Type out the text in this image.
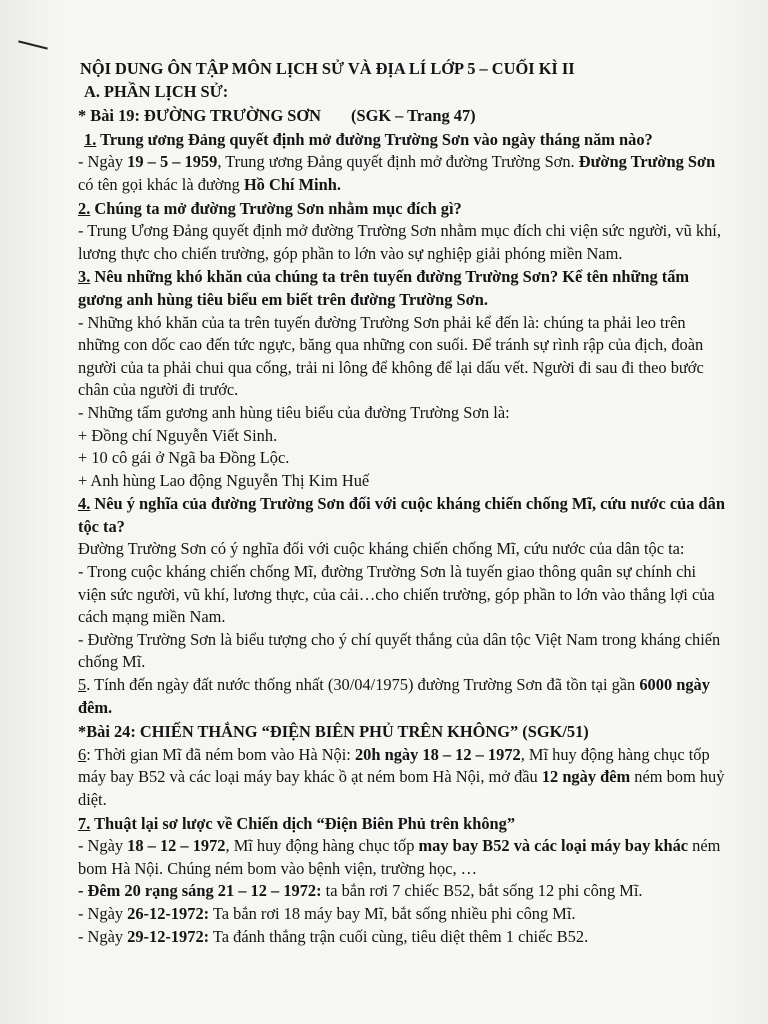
NỘI DUNG ÔN TẬP MÔN LỊCH SỬ VÀ ĐỊA LÍ LỚP 5 – CUỐI KÌ II

A. PHẦN LỊCH SỬ:

* Bài 19: ĐƯỜNG TRƯỜNG SƠN (SGK – Trang 47)

1. Trung ương Đảng quyết định mở đường Trường Sơn vào ngày tháng năm nào?

- Ngày 19 – 5 – 1959, Trung ương Đảng quyết định mở đường Trường Sơn. Đường Trường Sơn có tên gọi khác là đường Hồ Chí Minh.

2. Chúng ta mở đường Trường Sơn nhằm mục đích gì?

- Trung Ương Đảng quyết định mở đường Trường Sơn nhằm mục đích chi viện sức người, vũ khí, lương thực cho chiến trường, góp phần to lớn vào sự nghiệp giải phóng miền Nam.

3. Nêu những khó khăn của chúng ta trên tuyến đường Trường Sơn? Kể tên những tấm gương anh hùng tiêu biểu em biết trên đường Trường Sơn.

- Những khó khăn của ta trên tuyến đường Trường Sơn phải kể đến là: chúng ta phải leo trên những con dốc cao đến tức ngực, băng qua những con suối. Để tránh sự rình rập của địch, đoàn người của ta phải chui qua cống, trải ni lông để không để lại dấu vết. Người đi sau đi theo bước chân của người đi trước.

- Những tấm gương anh hùng tiêu biểu của đường Trường Sơn là:

+ Đồng chí Nguyễn Viết Sinh.

+ 10 cô gái ở Ngã ba Đồng Lộc.

+ Anh hùng Lao động Nguyễn Thị Kim Huế

4. Nêu ý nghĩa của đường Trường Sơn đối với cuộc kháng chiến chống Mĩ, cứu nước của dân tộc ta?

Đường Trường Sơn có ý nghĩa đối với cuộc kháng chiến chống Mĩ, cứu nước của dân tộc ta:

- Trong cuộc kháng chiến chống Mĩ, đường Trường Sơn là tuyến giao thông quân sự chính chi viện sức người, vũ khí, lương thực, của cải…cho chiến trường, góp phần to lớn vào thắng lợi của cách mạng miền Nam.

- Đường Trường Sơn là biểu tượng cho ý chí quyết thắng của dân tộc Việt Nam trong kháng chiến chống Mĩ.

5. Tính đến ngày đất nước thống nhất (30/04/1975) đường Trường Sơn đã tồn tại gần 6000 ngày đêm.

*Bài 24: CHIẾN THẮNG “ĐIỆN BIÊN PHỦ TRÊN KHÔNG” (SGK/51)

6: Thời gian Mĩ đã ném bom vào Hà Nội: 20h ngày 18 – 12 – 1972, Mĩ huy động hàng chục tốp máy bay B52 và các loại máy bay khác ồ ạt ném bom Hà Nội, mở đầu 12 ngày đêm ném bom huỷ diệt.

7. Thuật lại sơ lược về Chiến dịch “Điện Biên Phủ trên không”

- Ngày 18 – 12 – 1972, Mĩ huy động hàng chục tốp may bay B52 và các loại máy bay khác ném bom Hà Nội. Chúng ném bom vào bệnh viện, trường học, …

- Đêm 20 rạng sáng 21 – 12 – 1972: ta bắn rơi 7 chiếc B52, bắt sống 12 phi công Mĩ.

- Ngày 26-12-1972: Ta bắn rơi 18 máy bay Mĩ, bắt sống nhiều phi công Mĩ.

- Ngày 29-12-1972: Ta đánh thắng trận cuối cùng, tiêu diệt thêm 1 chiếc B52.
